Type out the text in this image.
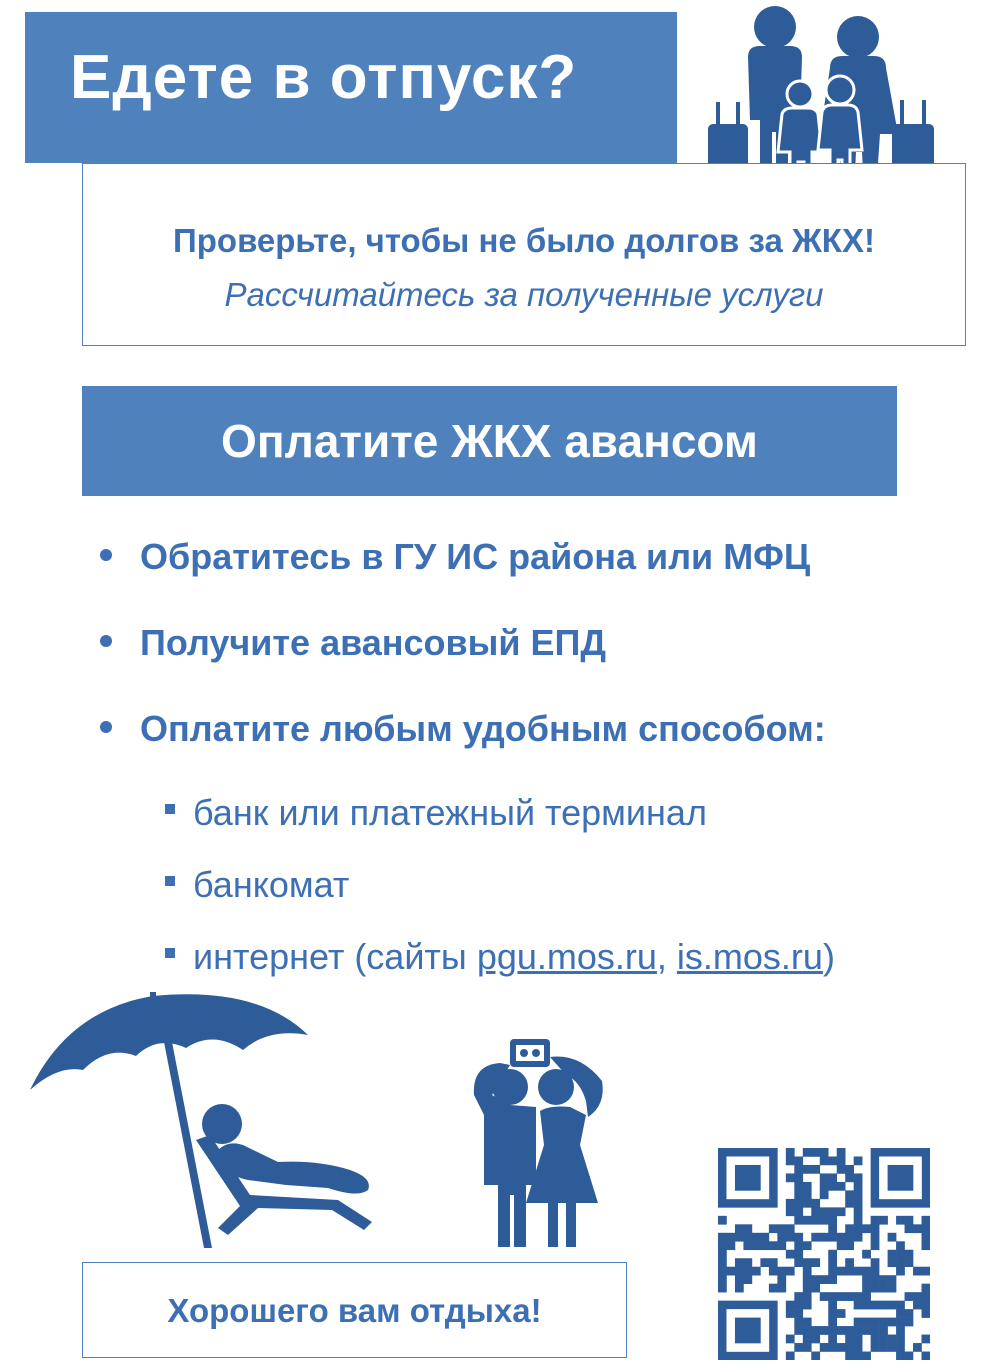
Едете в отпуск?
Проверьте, чтобы не было долгов за ЖКХ!
Рассчитайтесь за полученные услуги
Оплатите ЖКХ авансом
Обратитесь в ГУ ИС района или МФЦ
Получите авансовый ЕПД
Оплатите любым удобным способом:
банк или платежный терминал
банкомат
интернет (сайты pgu.mos.ru, is.mos.ru)
Хорошего вам отдыха!
